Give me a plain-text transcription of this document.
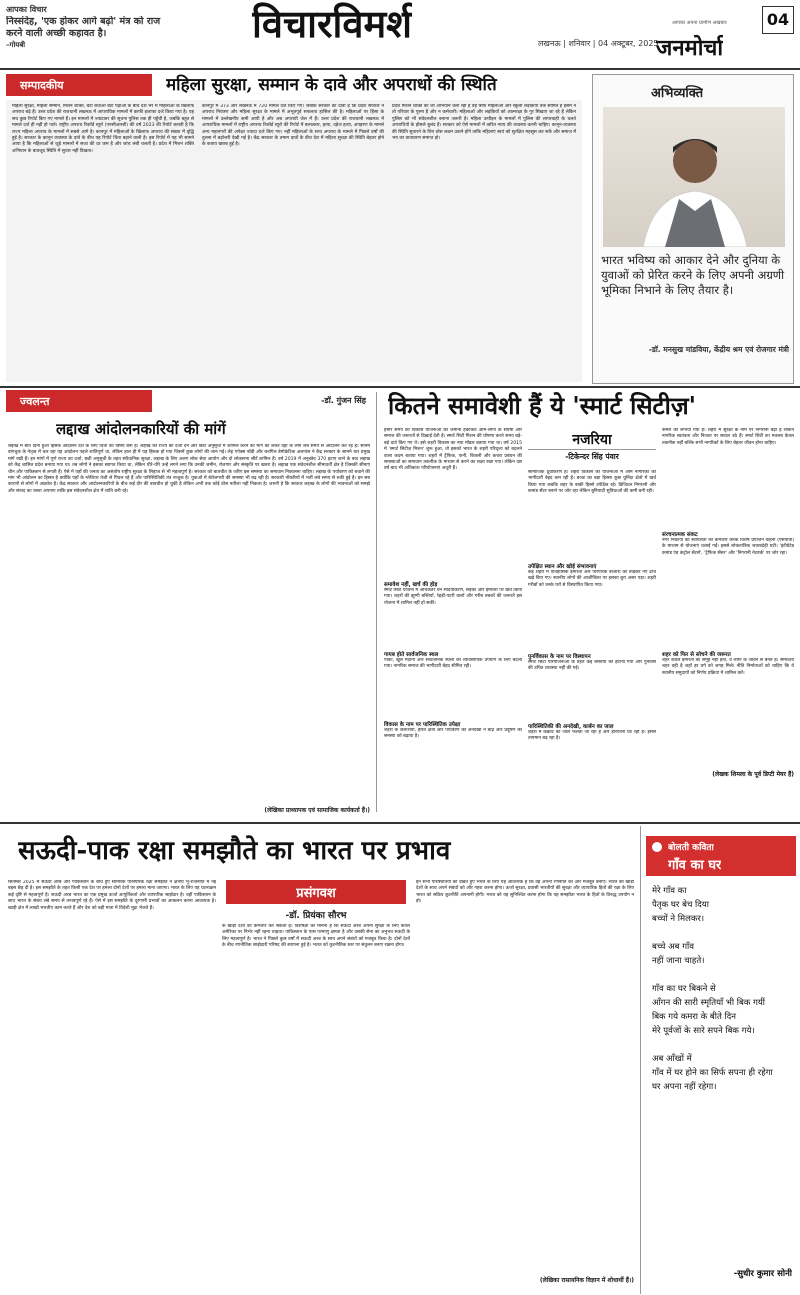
आपका विचार
निस्संदेह, 'एक होकर आगे बढ़ो' मंत्र को राज करने वाली अच्छी कहावत है।
–गोयबी	विचारविमर्श	लखनऊ | शनिवार | 04 अक्टूबर, 2025
जनमोर्चा
04
आपका अपना ग्रामीण अखबार
सम्पादकीय	महिला सुरक्षा, सम्मान के दावे और अपराधों की स्थिति
महिला सुरक्षा, महिला सम्मान, मिशन शक्ति, बेटी बचाओ बेटी पढ़ाओ के बीच देश भर में महिलाओं के खिलाफ अपराध बढ़े हैं। उत्तर प्रदेश की राजधानी लखनऊ में आपराधिक मामलों में काफी इजाफा दर्ज किया गया है। यह सच कुछ रिपोर्ट किए गए मामले हैं। इन मामलों में ज्यादातर की सूचना पुलिस तक ही पहुँची है, जबकि बहुत से मामले दर्ज ही नहीं हो पाते। राष्ट्रीय अपराध रिकॉर्ड ब्यूरो (एनसीआरबी) की वर्ष 2023 की रिपोर्ट बताती है कि राज्य महिला अपराध के मामलों में सबसे आगे है। कानपुर में महिलाओं के खिलाफ अपराध की संख्या में वृद्धि हुई है। सरकार के कानून व्यवस्था के दावे के बीच यह रिपोर्ट चिंता बढ़ाने वाली है। इस रिपोर्ट में यह भी सामने आया है कि महिलाओं से जुड़े मामलों में सजा की दर कम है और जांच लंबी चलती है। प्रदेश में मिशन शक्ति अभियान के बावजूद स्थिति में सुधार नहीं दिखता।
कानपुर में 373 और लखनऊ में 720 मामले दर्ज किए गए। जबकि सरकार का दावा है कि प्रदेश सरकार ने अपराध नियंत्रण और महिला सुरक्षा के मामले में अभूतपूर्व सफलता हासिल की है। महिलाओं पर हिंसा के मामलों में उल्लेखनीय कमी आयी है और अब अपराधी जेल में हैं। उत्तर प्रदेश की राजधानी लखनऊ में आपराधिक मामलों में राष्ट्रीय अपराध रिकॉर्ड ब्यूरो की रिपोर्ट में बलात्कार, हत्या, दहेज हत्या, अपहरण के मामले अन्य महानगरों की अपेक्षा ज्यादा दर्ज किए गए। नहीं महिलाओं के साथ अपराध के मामले में पिछले वर्षों की तुलना में बढ़ोत्तरी देखी गई है। केंद्र सरकार के तमाम दावों के बीच देश में महिला सुरक्षा की स्थिति बेहतर होने के बजाय खराब हुई है।
प्रदेश मिशन शक्ति का जो अभियान चला रही है वह सिर्फ महिलाओं और स्कूली लड़कियों तक सीमित है इसमें न तो परिवार के पुरुष हैं और न कर्मचारी। महिलाओं और लड़कियों को आत्मरक्षा के गुर सिखाए जा रहे हैं लेकिन पुलिस को भी संवेदनशील बनाना जरूरी है। महिला उत्पीड़न के मामलों में पुलिस की लापरवाही के चलते अपराधियों के हौसले बुलंद हैं। सरकार को ऐसे मामलों में त्वरित न्याय की व्यवस्था करनी चाहिए। कानून-व्यवस्था की स्थिति सुधारने के लिए ठोस कदम उठाने होंगे ताकि महिलाएं स्वयं को सुरक्षित महसूस कर सकें और समाज में भय का वातावरण समाप्त हो।
अभिव्यक्ति
भारत भविष्य को आकार देने और दुनिया के युवाओं को प्रेरित करने के लिए अपनी अग्रणी भूमिका निभाने के लिए तैयार है।
-डॉ. मनसुख मांडविया, केंद्रीय श्रम एवं रोजगार मंत्री
ज्वलन्त	-डॉ. गुंजन सिंह
लद्दाख आंदोलनकारियों की मांगें
लद्दाख में बीते दिनों हुआ हिंसक आंदोलन देश के लिए चिंता का विषय बना है। लद्दाख को राज्य का दर्जा देने और छठी अनुसूची में शामिल करने की मांग को लेकर वहाँ के लोग लंबे समय से आंदोलन कर रहे हैं। सोनम वांगचुक के नेतृत्व में चल रहा यह आंदोलन पहले शांतिपूर्ण था, लेकिन हाल ही में यह हिंसक हो गया जिसमें कुछ लोगों की जान गई। लेह एपेक्स बॉडी और करगिल डेमोक्रेटिक अलायंस ने केंद्र सरकार के सामने चार प्रमुख मांगें रखी हैं। इन मांगों में पूर्ण राज्य का दर्जा, छठी अनुसूची के तहत संवैधानिक सुरक्षा, लद्दाख के लिए अलग लोक सेवा आयोग और दो लोकसभा सीटें शामिल हैं। वर्ष 2019 में अनुच्छेद 370 हटाए जाने के बाद लद्दाख को केंद्र शासित प्रदेश बनाया गया था। तब लोगों ने इसका स्वागत किया था, लेकिन धीरे-धीरे उन्हें लगने लगा कि उनकी जमीन, रोजगार और संस्कृति पर खतरा है। लद्दाख एक संवेदनशील सीमावर्ती क्षेत्र है जिसकी सीमाएं चीन और पाकिस्तान से लगती हैं। ऐसे में यहाँ की जनता का असंतोष राष्ट्रीय सुरक्षा के लिहाज से भी महत्वपूर्ण है। सरकार को बातचीत के जरिए इस समस्या का समाधान निकालना चाहिए। लद्दाख के पर्यावरण को बचाने की मांग भी आंदोलन का हिस्सा है क्योंकि यहाँ के ग्लेशियर तेजी से पिघल रहे हैं और पारिस्थितिकी तंत्र नाजुक है। युवाओं में बेरोजगारी की समस्या भी बढ़ रही है। सरकारी नौकरियों में भर्ती लंबे समय से रुकी हुई है। इन सब कारणों से लोगों में आक्रोश है। केंद्र सरकार और आंदोलनकारियों के बीच कई दौर की बातचीत हो चुकी है लेकिन अभी तक कोई ठोस नतीजा नहीं निकला है। जरूरी है कि सरकार लद्दाख के लोगों की भावनाओं को समझे और संवाद का रास्ता अपनाए ताकि इस संवेदनशील क्षेत्र में शांति बनी रहे।
(लेखिका प्राध्यापक एवं सामाजिक कार्यकर्ता हैं।)
कितने समावेशी हैं ये 'स्मार्ट सिटीज़'
हमारे समय की विकास योजनाओं की जमीनी हकीकत आम-लोगों के संघर्षों और समाज की जरूरतों से दिखाई देती है। स्मार्ट सिटी मिशन की घोषणा करते समय बड़े-बड़े दावे किए गए थे। इसे शहरी विकास का नया मॉडल बताया गया था। वर्ष 2015 में 'स्मार्ट सिटीज़ मिशन' शुरू हुआ, तो इसको भारत के शहरी परिदृश्य को बदलने वाला कदम बताया गया। शहरों में ट्रैफिक, पानी, बिजली और कचरा प्रबंधन की समस्याओं का समाधान तकनीक के माध्यम से करने का लक्ष्य रखा गया। लेकिन दस वर्ष बाद भी अधिकांश परियोजनाएं अधूरी हैं।
समावेश नहीं, खर्च की होड़
स्मार्ट सिटी योजना में अधिकतर धन सौंदर्यीकरण, सड़कों और इमारतों पर खर्च किया गया। शहरों की झुग्गी बस्तियों, रेहड़ी-पटरी वालों और गरीब तबकों की जरूरतें इस योजना में शामिल नहीं हो सकीं।
गायब होते सार्वजनिक स्थल
पार्कों, खुले मैदानों और सार्वजनिक स्थलों को व्यावसायिक उपयोग के लिए बदला गया। नागरिक समाज की भागीदारी बेहद सीमित रही।
विकास के नाम पर पारिस्थितिक उपेक्षा
शहरों के जलाशयों, हरित क्षेत्रों और पर्यावरण की अनदेखी ने बाढ़ और प्रदूषण की समस्या को बढ़ाया है।
नजरिया
-टिकेन्दर सिंह पंवार
सामाजिक ध्रुवीकरण है। शहरी विकास की योजनाओं में आम नागरिकों की भागीदारी बेहद कम रही है। बजट का बड़ा हिस्सा कुछ चुनिंदा क्षेत्रों में खर्च किया गया जबकि शहर के बाकी हिस्से उपेक्षित रहे। डिजिटल निगरानी और कमांड सेंटर बनाने पर जोर रहा लेकिन बुनियादी सुविधाओं की कमी बनी रही।
उपेक्षित स्थान और खोई संभावनाएं
कई शहरों में ऐतिहासिक इमारतों और पारंपरिक बाजारों को तोड़कर नए ढांचे खड़े किए गए। स्थानीय लोगों की आजीविका पर इसका बुरा असर पड़ा। शहरी गरीबों को उनके घरों से विस्थापित किया गया।
पुनर्विकास के नाम पर विस्थापन
स्मार्ट सिटी परियोजनाओं के तहत कई बस्तियों को हटाया गया और पुनर्वास की उचित व्यवस्था नहीं की गई।
पारिस्थितिकी की अनदेखी, कार्बन का जाल
शहरों में कंक्रीट का जाल फैलता जा रहा है और हरियाली घट रही है। इससे तापमान बढ़ रहा है।
कैमरों को लगाया गया है। शहरों में सुरक्षा के नाम पर निगरानी बढ़ी है लेकिन नागरिक स्वतंत्रता और निजता पर सवाल उठे हैं। स्मार्ट सिटी का मतलब केवल तकनीक नहीं बल्कि सभी नागरिकों के लिए बेहतर जीवन होना चाहिए।
संरचनात्मक संकट
नगर निकायों की स्वायत्तता को कमजोर करके विशेष प्रयोजन वाहनों (एसपीवी) के माध्यम से योजनाएं चलाई गईं। इससे लोकतांत्रिक जवाबदेही घटी। 'इंटीग्रेटेड कमांड एंड कंट्रोल सेंटर्स', 'ट्रैफिक सेंसर' और 'निगरानी नेटवर्क' पर जोर रहा।
शहर को फिर से सोचने की जरूरत
शहर केवल इमारतों का समूह नहीं होते, वे लोगों के जीवन से बनते हैं। समावेशी शहर वही है जहाँ हर वर्ग को जगह मिले। नीति निर्माताओं को चाहिए कि वे स्थानीय समुदायों को निर्णय प्रक्रिया में शामिल करें।
(लेखक शिमला के पूर्व डिप्टी मेयर हैं)
सऊदी-पाक रक्षा समझौते का भारत पर प्रभाव
सितम्बर 2025 में सऊदी अरब और पाकिस्तान के बीच हुए सामरिक पारस्परिक रक्षा समझौते ने क्षेत्रीय भू-राजनीति में नई बहस छेड़ दी है। इस समझौते के तहत किसी एक देश पर हमला दोनों देशों पर हमला माना जाएगा। भारत के लिए यह घटनाक्रम कई दृष्टि से महत्वपूर्ण है। सऊदी अरब भारत का एक प्रमुख ऊर्जा आपूर्तिकर्ता और व्यापारिक साझेदार है। वहीं पाकिस्तान के साथ भारत के संबंध लंबे समय से तनावपूर्ण रहे हैं। ऐसे में इस समझौते के दूरगामी प्रभावों का आकलन करना आवश्यक है। खाड़ी क्षेत्र में लाखों भारतीय काम करते हैं और देश को बड़ी मात्रा में विदेशी मुद्रा भेजते हैं।
प्रसंगवश
-डॉ. प्रियंका सौरभ
के खाड़ी देशों को कमजोर कर सकता है। विशेषज्ञों का मानना है कि सऊदी अरब अपनी सुरक्षा के लिए केवल अमेरिका पर निर्भर नहीं रहना चाहता। पाकिस्तान के पास परमाणु क्षमता है और उसकी सेना का अनुभव सऊदी के लिए महत्वपूर्ण है। भारत ने पिछले कुछ वर्षों में सऊदी अरब के साथ अपने संबंधों को मजबूत किया है। दोनों देशों के बीच रणनीतिक साझेदारी परिषद की स्थापना हुई है। भारत को कूटनीतिक स्तर पर संतुलन बनाए रखना होगा।
इन सभी परिस्थितियों को देखते हुए भारत के लिए यह आवश्यक है कि वह अपनी रणनीति को और मजबूत बनाए। भारत को खाड़ी देशों के साथ अपने संबंधों को और गहरा करना होगा। ऊर्जा सुरक्षा, प्रवासी भारतीयों की सुरक्षा और व्यापारिक हितों की रक्षा के लिए भारत को सक्रिय कूटनीति अपनानी होगी। भारत को यह सुनिश्चित करना होगा कि यह समझौता भारत के हितों के विरुद्ध उपयोग न हो।
(लेखिका रासायनिक विज्ञान में शोधार्थी हैं।)
बोलती कविता
गाँव का घर
मेरे गाँव का
पैतृक घर बेच दिया
बच्चों ने मिलकर।
बच्चे अब गाँव
नहीं जाना चाहते।
गाँव का घर बिकने से
आँगन की सारी स्मृतियाँ भी बिक गयीं
बिक गये कमरा के बीते दिन
मेरे पूर्वजों के सारे सपने बिक गये।
अब आँखों में
गाँव में घर होने का सिर्फ सपना ही रहेगा
घर अपना नहीं रहेगा।
-सुधीर कुमार सोनी
